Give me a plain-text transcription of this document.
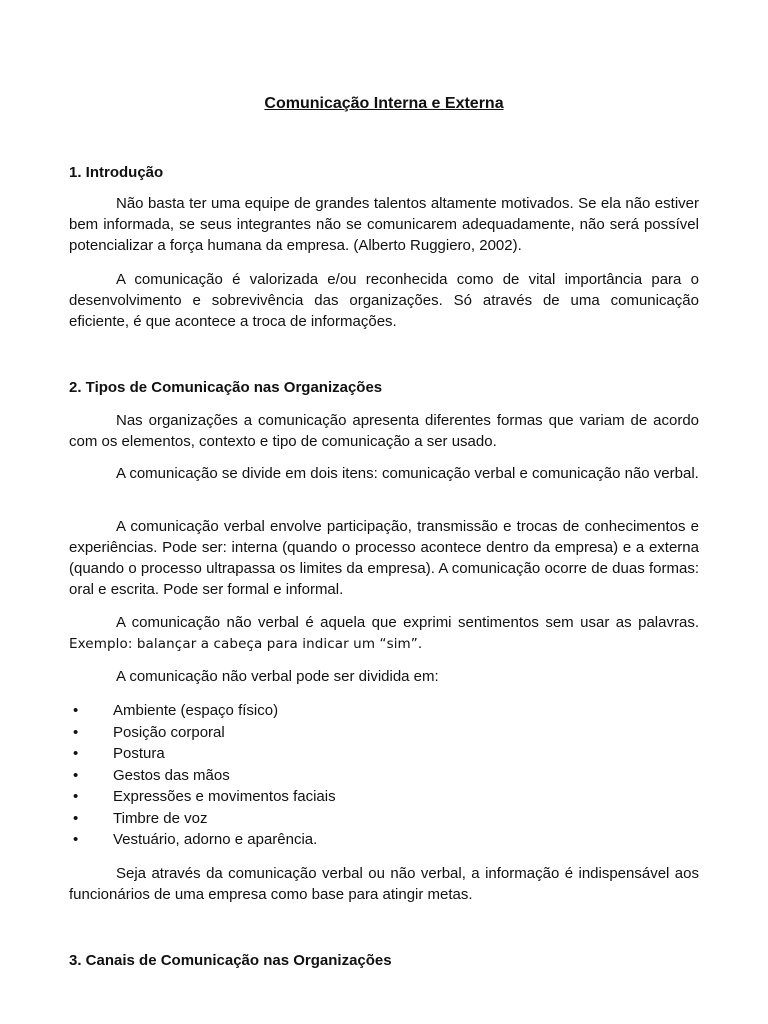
Comunicação Interna e Externa
1. Introdução

Não basta ter uma equipe de grandes talentos altamente motivados. Se ela não estiver bem informada, se seus integrantes não se comunicarem adequadamente, não será possível potencializar a força humana da empresa. (Alberto Ruggiero, 2002).

A comunicação é valorizada e/ou reconhecida como de vital importância para o desenvolvimento e sobrevivência das organizações. Só através de uma comunicação eficiente, é que acontece a troca de informações.

2. Tipos de Comunicação nas Organizações

Nas organizações a comunicação apresenta diferentes formas que variam de acordo com os elementos, contexto e tipo de comunicação a ser usado.

A comunicação se divide em dois itens: comunicação verbal e comunicação não verbal.

A comunicação verbal envolve participação, transmissão e trocas de conhecimentos e experiências. Pode ser: interna (quando o processo acontece dentro da empresa) e a externa (quando o processo ultrapassa os limites da empresa). A comunicação ocorre de duas formas: oral e escrita. Pode ser formal e informal.

A comunicação não verbal é aquela que exprimi sentimentos sem usar as palavras. Exemplo: balançar a cabeça para indicar um “sim”.

A comunicação não verbal pode ser dividida em:

• Ambiente (espaço físico)
• Posição corporal
• Postura
• Gestos das mãos
• Expressões e movimentos faciais
• Timbre de voz
• Vestuário, adorno e aparência.

Seja através da comunicação verbal ou não verbal, a informação é indispensável aos funcionários de uma empresa como base para atingir metas.

3. Canais de Comunicação nas Organizações
